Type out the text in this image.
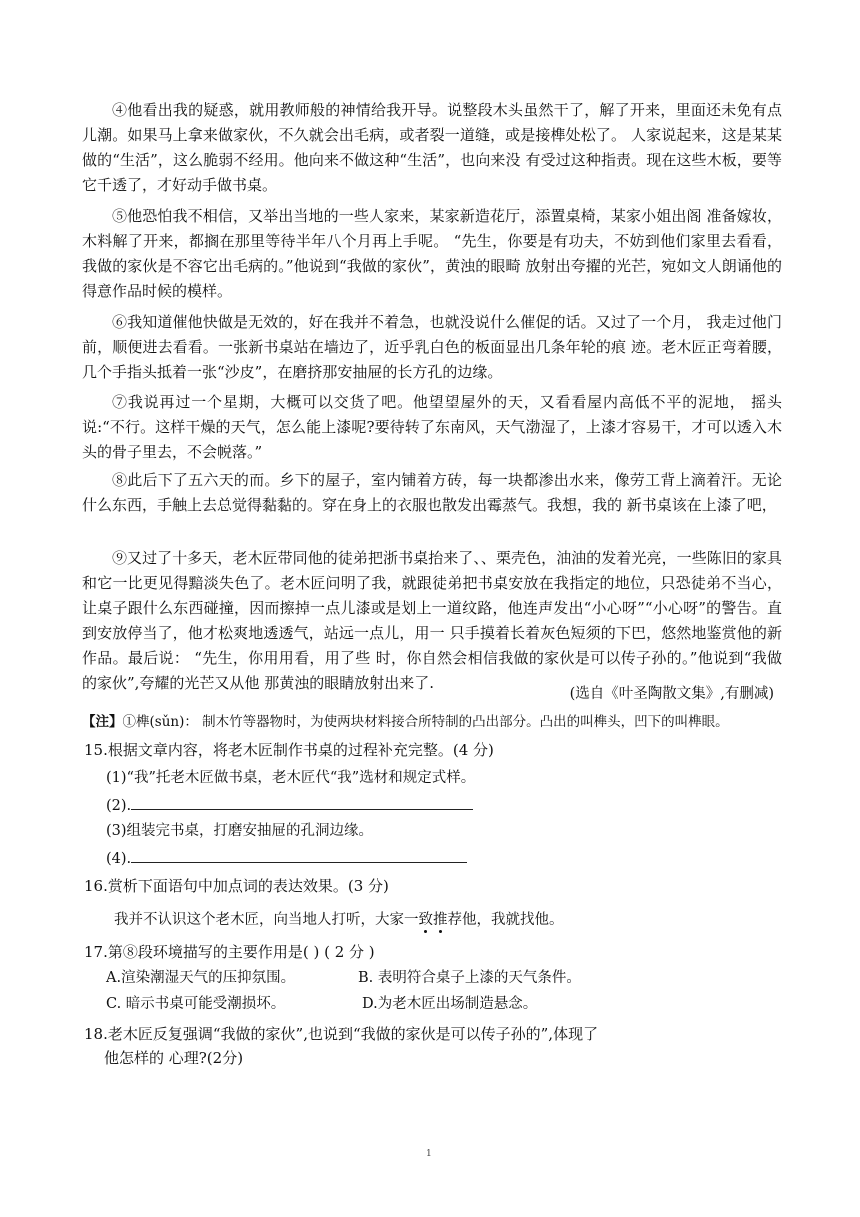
④他看出我的疑惑，就用教师般的神情给我开导。说整段木头虽然干了，解了开来，里面还未免有点儿潮。如果马上拿来做家伙，不久就会出毛病，或者裂一道缝，或是接榫处松了。 人家说起来，这是某某做的“生活”，这么脆弱不经用。他向来不做这种“生活”，也向来没 有受过这种指责。现在这些木板，要等它千透了，才好动手做书桌。

⑤他恐怕我不相信，又举出当地的一些人家来，某家新造花厅，添置桌椅，某家小姐出阁 准备嫁妆，木料解了开来，都搁在那里等待半年八个月再上手呢。 “先生，你要是有功夫，不妨到他们家里去看看，我做的家伙是不容它出毛病的。”他说到“我做的家伙”，黄浊的眼畸 放射出夸擢的光芒，宛如文人朗诵他的得意作品时候的模样。

⑥我知道催他快做是无效的，好在我并不着急，也就没说什么催促的话。又过了一个月， 我走过他门前，顺便进去看看。一张新书桌站在墙边了，近乎乳白色的板面显出几条年轮的痕 迹。老木匠正弯着腰，几个手指头抵着一张“沙皮”，在磨挤那安抽屉的长方孔的边缘。

⑦我说再过一个星期，大概可以交货了吧。他望望屋外的天，又看看屋内高低不平的泥地， 摇头说:“不行。这样干燥的天气，怎么能上漆呢?要待转了东南风，天气渤湿了，上漆才容易干，才可以透入木头的骨子里去，不会帨落。”

⑧此后下了五六天的而。乡下的屋子，室内铺着方砖，每一块都渗出水来，像劳工背上滴着汗。无论什么东西，手触上去总觉得黏黏的。穿在身上的衣服也散发出霉蒸气。我想，我的 新书桌该在上漆了吧，

⑨又过了十多天，老木匠带同他的徒弟把浙书桌抬来了、、栗壳色，油油的发着光亮，一些陈旧的家具和它一比更见得黯淡失色了。老木匠问明了我，就跟徒弟把书桌安放在我指定的地位，只恐徒弟不当心，让桌子跟什么东西碰撞，因而擦掉一点儿漆或是划上一道纹路，他连声发出“小心呀”“小心呀”的警告。直到安放停当了，他才松爽地透透气，站远一点儿，用一 只手摸着长着灰色短须的下巴，悠然地鉴赏他的新作品。最后说： “先生，你用用看，用了些 时，你自然会相信我做的家伙是可以传子孙的。”他说到“我做的家伙”,夸耀的光芒又从他 那黄浊的眼睛放射出来了.

(选自《叶圣陶散文集》,有删减)
【注】①榫(sǔn)： 制木竹等器物时，为使两块材料接合所特制的凸出部分。凸出的叫榫头，凹下的叫榫眼。

15.根据文章内容，将老木匠制作书桌的过程补充完整。(4 分)

(1)“我”托老木匠做书桌，老木匠代“我”选材和规定式样。
(2).
(3)组装完书桌，打磨安抽屉的孔洞边缘。
(4).

16.赏析下面语句中加点词的表达效果。(3 分)

我并不认识这个老木匠，向当地人打听，大家一致推荐他，我就找他。

17.第⑧段环境描写的主要作用是( ) ( 2 分 )

A.渲染潮湿天气的压抑氛围。	B. 表明符合桌子上漆的天气条件。
C. 暗示书桌可能受潮损坏。	D.为老木匠出场制造悬念。

18.老木匠反复强调“我做的家伙”,也说到“我做的家伙是可以传子孙的”,体现了

他怎样的 心理?(2分)

1
